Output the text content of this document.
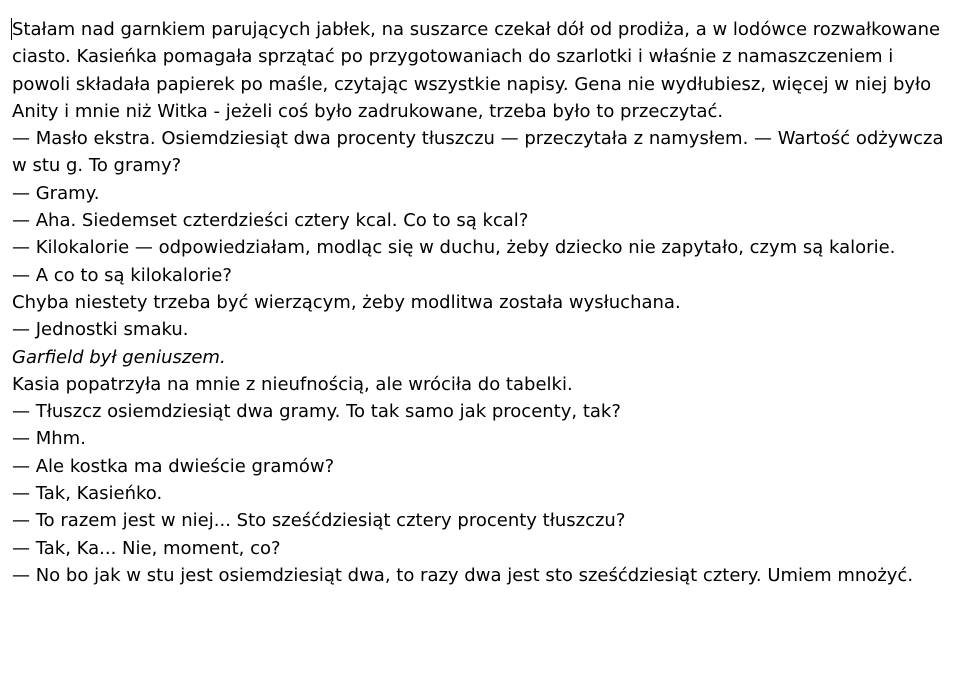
Stałam nad garnkiem parujących jabłek, na suszarce czekał dół od prodiża, a w lodówce rozwałkowane ciasto. Kasieńka pomagała sprzątać po przygotowaniach do szarlotki i właśnie z namaszczeniem i powoli składała papierek po maśle, czytając wszystkie napisy. Gena nie wydłubiesz, więcej w niej było Anity i mnie niż Witka - jeżeli coś było zadrukowane, trzeba było to przeczytać.

— Masło ekstra. Osiemdziesiąt dwa procenty tłuszczu — przeczytała z namysłem. — Wartość odżywcza w stu g. To gramy?

— Gramy.

— Aha. Siedemset czterdzieści cztery kcal. Co to są kcal?

— Kilokalorie — odpowiedziałam, modląc się w duchu, żeby dziecko nie zapytało, czym są kalorie.

— A co to są kilokalorie?

Chyba niestety trzeba być wierzącym, żeby modlitwa została wysłuchana.

— Jednostki smaku.

Garfield był geniuszem.

Kasia popatrzyła na mnie z nieufnością, ale wróciła do tabelki.

— Tłuszcz osiemdziesiąt dwa gramy. To tak samo jak procenty, tak?

— Mhm.

— Ale kostka ma dwieście gramów?

— Tak, Kasieńko.

— To razem jest w niej... Sto sześćdziesiąt cztery procenty tłuszczu?

— Tak, Ka... Nie, moment, co?

— No bo jak w stu jest osiemdziesiąt dwa, to razy dwa jest sto sześćdziesiąt cztery. Umiem mnożyć.
